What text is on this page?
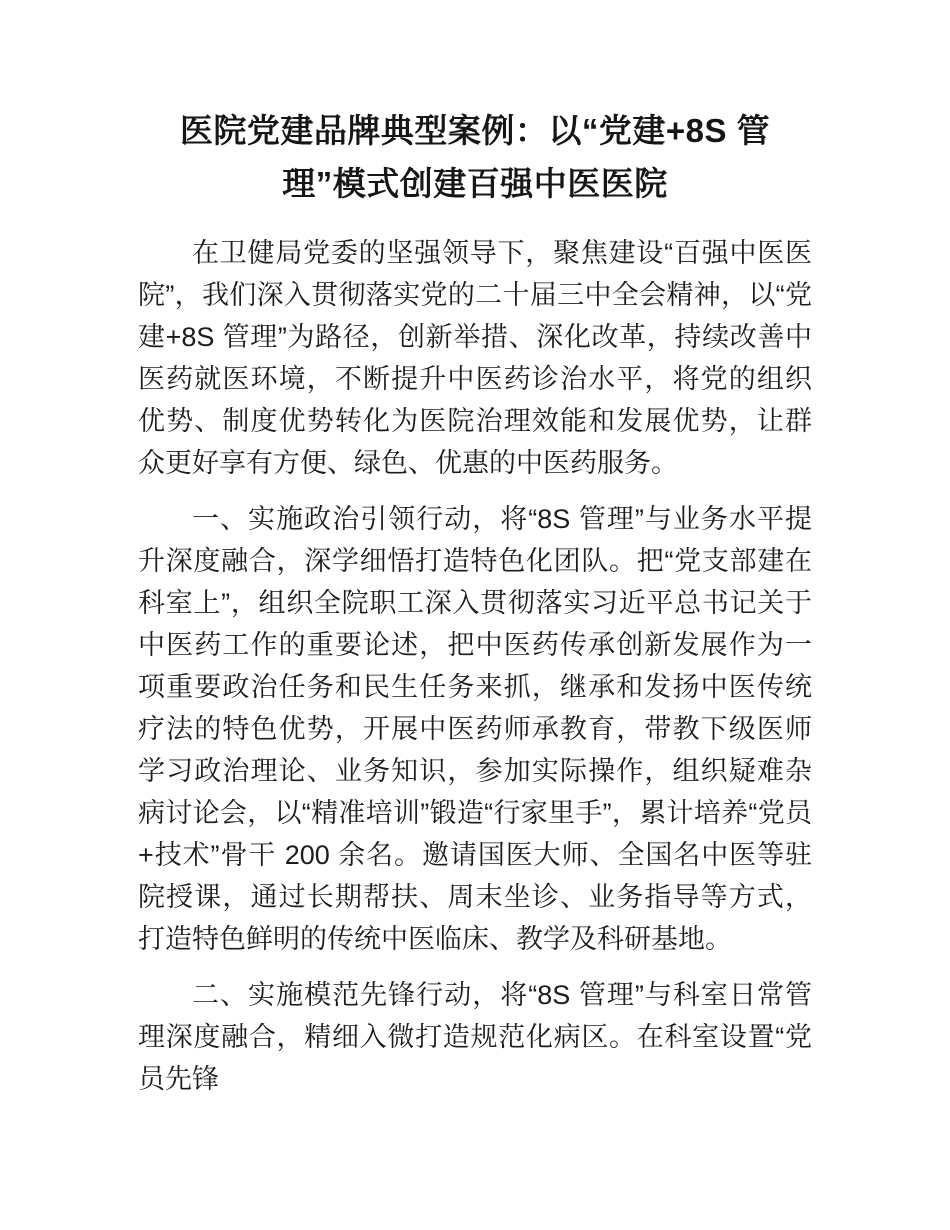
医院党建品牌典型案例：以“党建+8S 管理”模式创建百强中医医院

在卫健局党委的坚强领导下，聚焦建设“百强中医医院”，我们深入贯彻落实党的二十届三中全会精神，以“党建+8S 管理”为路径，创新举措、深化改革，持续改善中医药就医环境，不断提升中医药诊治水平，将党的组织优势、制度优势转化为医院治理效能和发展优势，让群众更好享有方便、绿色、优惠的中医药服务。

一、实施政治引领行动，将“8S 管理”与业务水平提升深度融合，深学细悟打造特色化团队。把“党支部建在科室上”，组织全院职工深入贯彻落实习近平总书记关于中医药工作的重要论述，把中医药传承创新发展作为一项重要政治任务和民生任务来抓，继承和发扬中医传统疗法的特色优势，开展中医药师承教育，带教下级医师学习政治理论、业务知识，参加实际操作，组织疑难杂病讨论会，以“精准培训”锻造“行家里手”，累计培养“党员+技术”骨干 200 余名。邀请国医大师、全国名中医等驻院授课，通过长期帮扶、周末坐诊、业务指导等方式，打造特色鲜明的传统中医临床、教学及科研基地。

二、实施模范先锋行动，将“8S 管理”与科室日常管理深度融合，精细入微打造规范化病区。在科室设置“党员先锋
